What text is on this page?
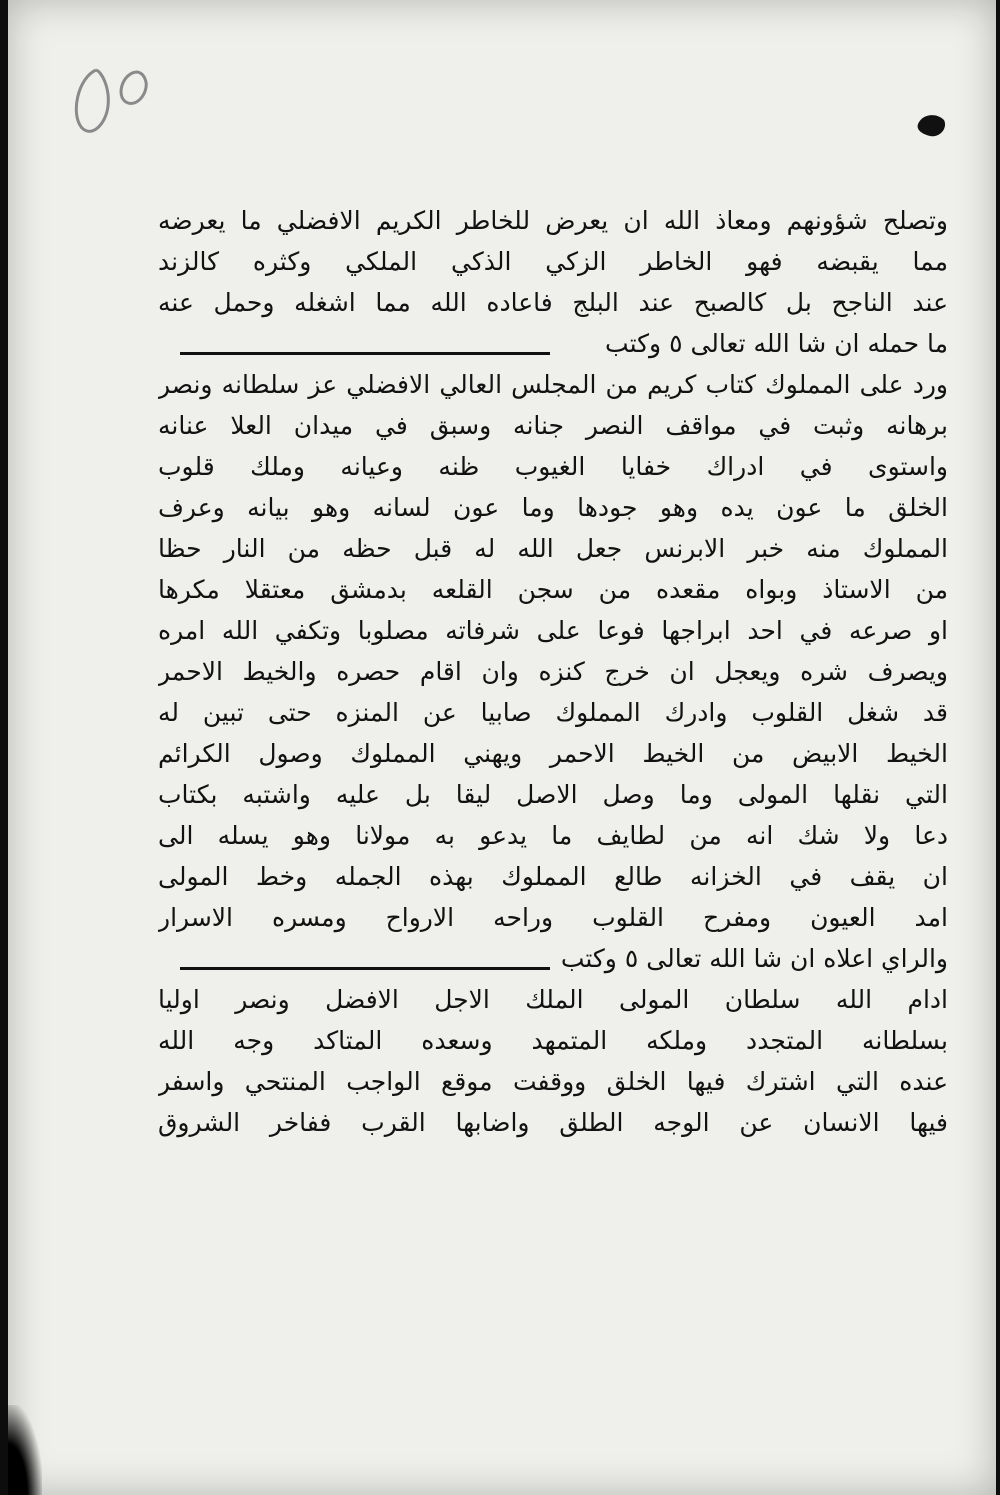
وتصلح شؤونهم ومعاذ الله ان يعرض للخاطر الكريم الافضلي ما يعرضه
مما يقبضه فهو الخاطر الزكي الذكي الملكي وكثره كالزند
عند الناجح بل كالصبح عند البلج فاعاده الله مما اشغله وحمل عنه
ما حمله ان شا الله تعالى ٥ وكتب
ورد على المملوك كتاب كريم من المجلس العالي الافضلي عز سلطانه ونصر
برهانه وثبت في مواقف النصر جنانه وسبق في ميدان العلا عنانه
واستوى في ادراك خفايا الغيوب ظنه وعيانه وملك قلوب
الخلق ما عون يده وهو جودها وما عون لسانه وهو بيانه وعرف
المملوك منه خبر الابرنس جعل الله له قبل حظه من النار حظا
من الاستاذ وبواه مقعده من سجن القلعه بدمشق معتقلا مكرها
او صرعه في احد ابراجها فوعا على شرفاته مصلوبا وتكفي الله امره
ويصرف شره ويعجل ان خرج كنزه وان اقام حصره والخيط الاحمر
قد شغل القلوب وادرك المملوك صابيا عن المنزه حتى تبين له
الخيط الابيض من الخيط الاحمر ويهني المملوك وصول الكرائم
التي نقلها المولى وما وصل الاصل ليقا بل عليه واشتبه بكتاب
دعا ولا شك انه من لطايف ما يدعو به مولانا وهو يسله الى
ان يقف في الخزانه طالع المملوك بهذه الجمله وخط المولى
امد العيون ومفرح القلوب وراحه الارواح ومسره الاسرار
والراي اعلاه ان شا الله تعالى ٥ وكتب
ادام الله سلطان المولى الملك الاجل الافضل ونصر اوليا
بسلطانه المتجدد وملكه المتمهد وسعده المتاكد وجه الله
عنده التي اشترك فيها الخلق ووقفت موقع الواجب المنتحي واسفر
فيها الانسان عن الوجه الطلق واضابها القرب ففاخر الشروق
